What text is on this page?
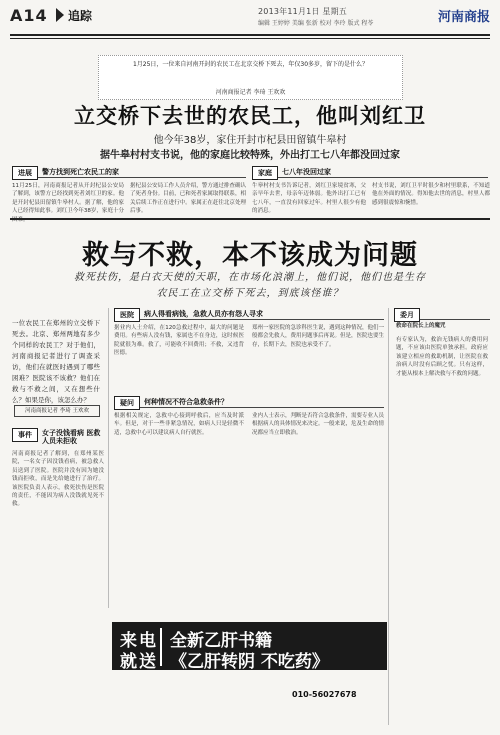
A14 追踪	2013年11月1日 星期五
编辑 王婷婷 美编 张新 校对 李玲 版式 程苓	河南商报
1月25日，一位来自河南开封的农民工在北京交桥下死去，年仅30多岁，留下的是什么？
河南商报记者 李琦 王欢欢
立交桥下去世的农民工，他叫刘红卫
他今年38岁，家住开封市杞县田留镇牛皋村
据牛皋村村支书说，他的家庭比较特殊，外出打工七八年都没回过家
进展	警方找到死亡农民工的家	家庭	七八年没回过家
11月25日，河南商报记者从开封杞县公安局了解到，该警方已经找到死者刘红卫的家。他是开封杞县田留镇牛皋村人。据了解，他的家人已经得知此事。刘红卫今年38岁，家庭十分
据杞县公安局工作人员介绍，警方通过排查确认了死者身份。目前，已和死者家属取得联系，相关后续工作正在进行中。家属正在赶往北京处理后事。
牛皋村村支书告诉记者，刘红卫家境贫寒，父亲早年去世，母亲年迈体弱。他外出打工已有七八年，一直没有回家过年。村里人很少有他的消息。
村支书说，刘红卫平时很少和村里联系，不知道他在外面的情况。得知他去世的消息，村里人都感到很震惊和惋惜。
救与不救，本不该成为问题
救死扶伤，是白衣天使的天职，在市场化浪潮上，他们说，他们也是生存
农民工在立交桥下死去，到底该怪谁？
一位农民工在郑州的立交桥下死去。北京、郑州两地有多少个同样的农民工？对于他们，河南商报记者进行了调查采访，他们在就医时遇到了哪些困难？医院该不该救？他们在救与不救之间，又在想些什么？如果是你，该怎么办？
河南商报记者 李琦 王欢欢
医院	病人得看病钱，急救人员亦有怨人寻求
据业内人士介绍，在120急救过程中，最大的问题是费用。有些病人没有钱，家属也不在身边，这时候医院就很为难。救了，可能收不回费用；不救，又违背医德。
郑州一家医院的急诊科医生说，遇到这种情况，他们一般都会先救人，费用问题事后再说。但是，医院也要生存，长期下去，医院也承受不了。
疑问	何种情况不符合急救条件？
根据相关规定，急救中心接到呼救后，应当及时派车。但是，对于一些非紧急情况，如病人只是轻微不适，急救中心可以建议病人自行就医。
业内人士表示，判断是否符合急救条件，需要专业人员根据病人的具体情况来决定。一般来说，危及生命的情况都应当立即救治。
事件	女子没钱看病 医救人员未拒收
河南商报记者了解到，在郑州某医院，一名女子因没钱看病，被急救人员送到了医院。医院并没有因为她没钱而拒收，而是先给她进行了治疗。该医院负责人表示，救死扶伤是医院的责任，不能因为病人没钱就见死不救。
委月
救命在院长上的魔咒
有专家认为，救治无钱病人的费用问题，不应该由医院单独承担。政府应该建立相应的救助机制，让医院在救治病人时没有后顾之忧。只有这样，才能从根本上解决救与不救的问题。
来电
就送
全新乙肝书籍
《乙肝转阴 不吃药》
010-56027678
